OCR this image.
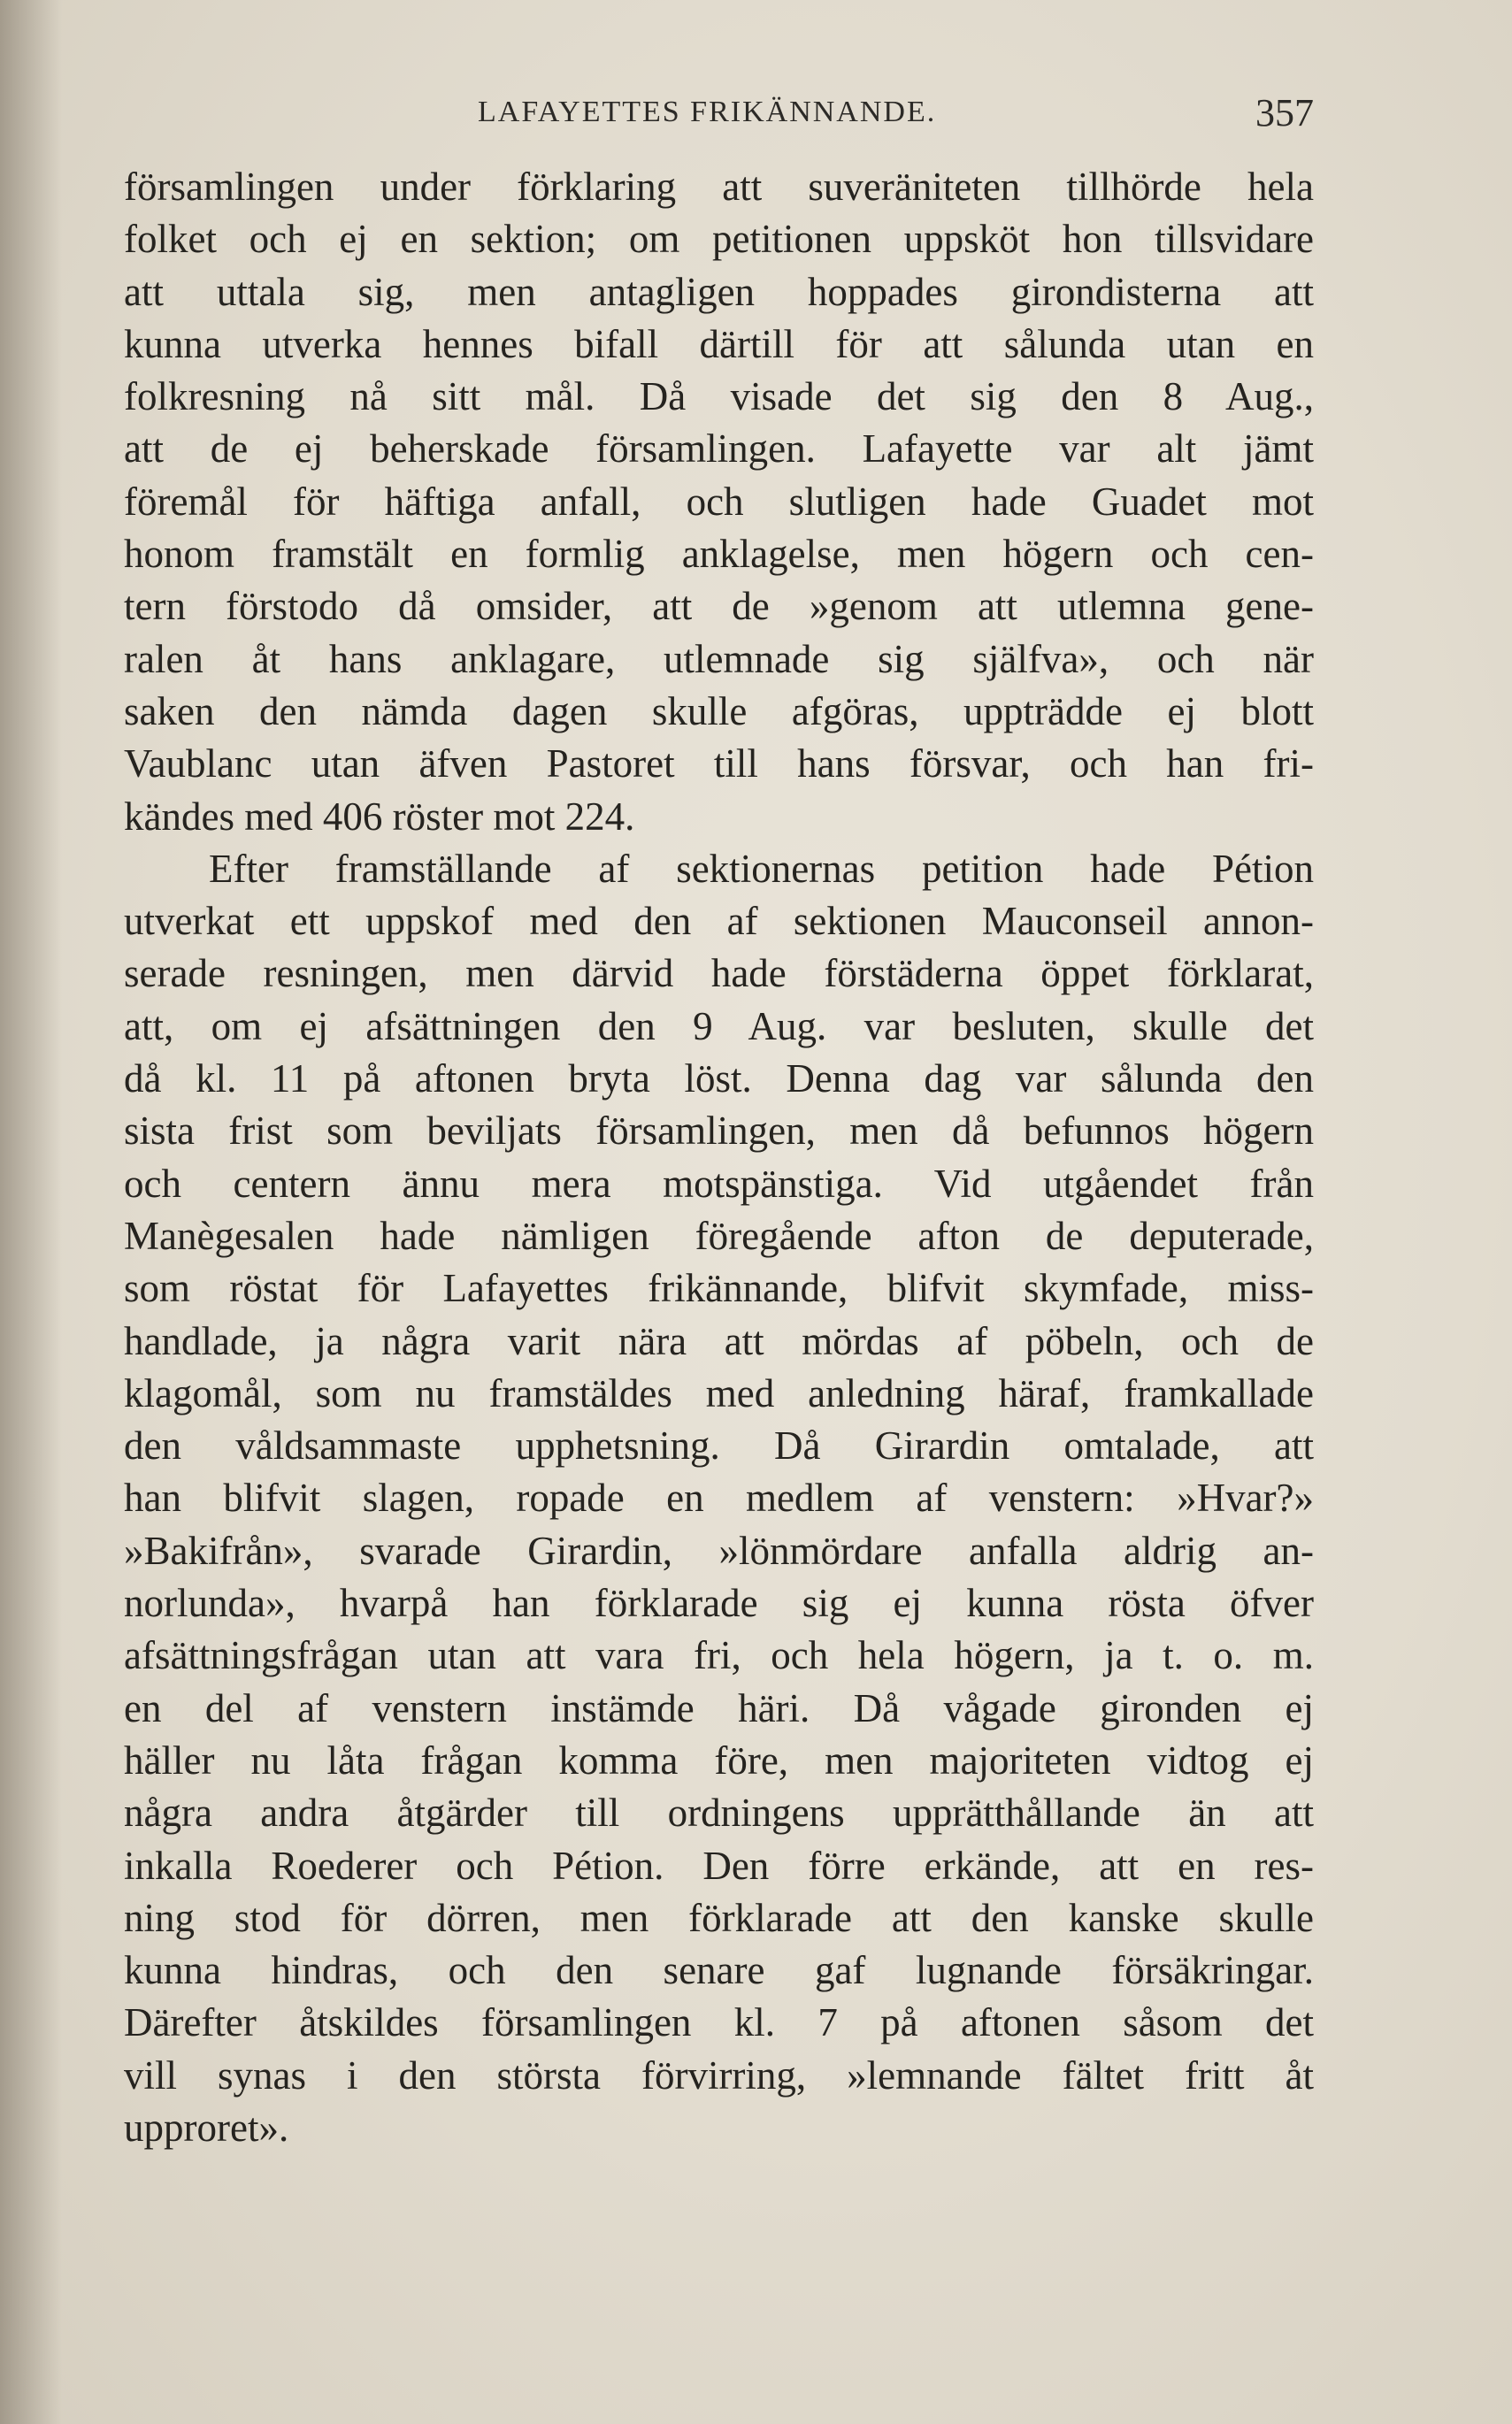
LAFAYETTES FRIKÄNNANDE.	357
församlingen under förklaring att suveräniteten tillhörde hela
folket och ej en sektion; om petitionen uppsköt hon tillsvidare
att uttala sig, men antagligen hoppades girondisterna att
kunna utverka hennes bifall därtill för att sålunda utan en
folkresning nå sitt mål. Då visade det sig den 8 Aug.,
att de ej beherskade församlingen. Lafayette var alt jämt
föremål för häftiga anfall, och slutligen hade Guadet mot
honom framstält en formlig anklagelse, men högern och cen-
tern förstodo då omsider, att de »genom att utlemna gene-
ralen åt hans anklagare, utlemnade sig själfva», och när
saken den nämda dagen skulle afgöras, uppträdde ej blott
Vaublanc utan äfven Pastoret till hans försvar, och han fri-
kändes med 406 röster mot 224.
Efter framställande af sektionernas petition hade Pétion
utverkat ett uppskof med den af sektionen Mauconseil annon-
serade resningen, men därvid hade förstäderna öppet förklarat,
att, om ej afsättningen den 9 Aug. var besluten, skulle det
då kl. 11 på aftonen bryta löst. Denna dag var sålunda den
sista frist som beviljats församlingen, men då befunnos högern
och centern ännu mera motspänstiga. Vid utgåendet från
Manègesalen hade nämligen föregående afton de deputerade,
som röstat för Lafayettes frikännande, blifvit skymfade, miss-
handlade, ja några varit nära att mördas af pöbeln, och de
klagomål, som nu framstäldes med anledning häraf, framkallade
den våldsammaste upphetsning. Då Girardin omtalade, att
han blifvit slagen, ropade en medlem af venstern: »Hvar?»
»Bakifrån», svarade Girardin, »lönmördare anfalla aldrig an-
norlunda», hvarpå han förklarade sig ej kunna rösta öfver
afsättningsfrågan utan att vara fri, och hela högern, ja t. o. m.
en del af venstern instämde häri. Då vågade gironden ej
häller nu låta frågan komma före, men majoriteten vidtog ej
några andra åtgärder till ordningens upprätthållande än att
inkalla Roederer och Pétion. Den förre erkände, att en res-
ning stod för dörren, men förklarade att den kanske skulle
kunna hindras, och den senare gaf lugnande försäkringar.
Därefter åtskildes församlingen kl. 7 på aftonen såsom det
vill synas i den största förvirring, »lemnande fältet fritt åt
upproret».
